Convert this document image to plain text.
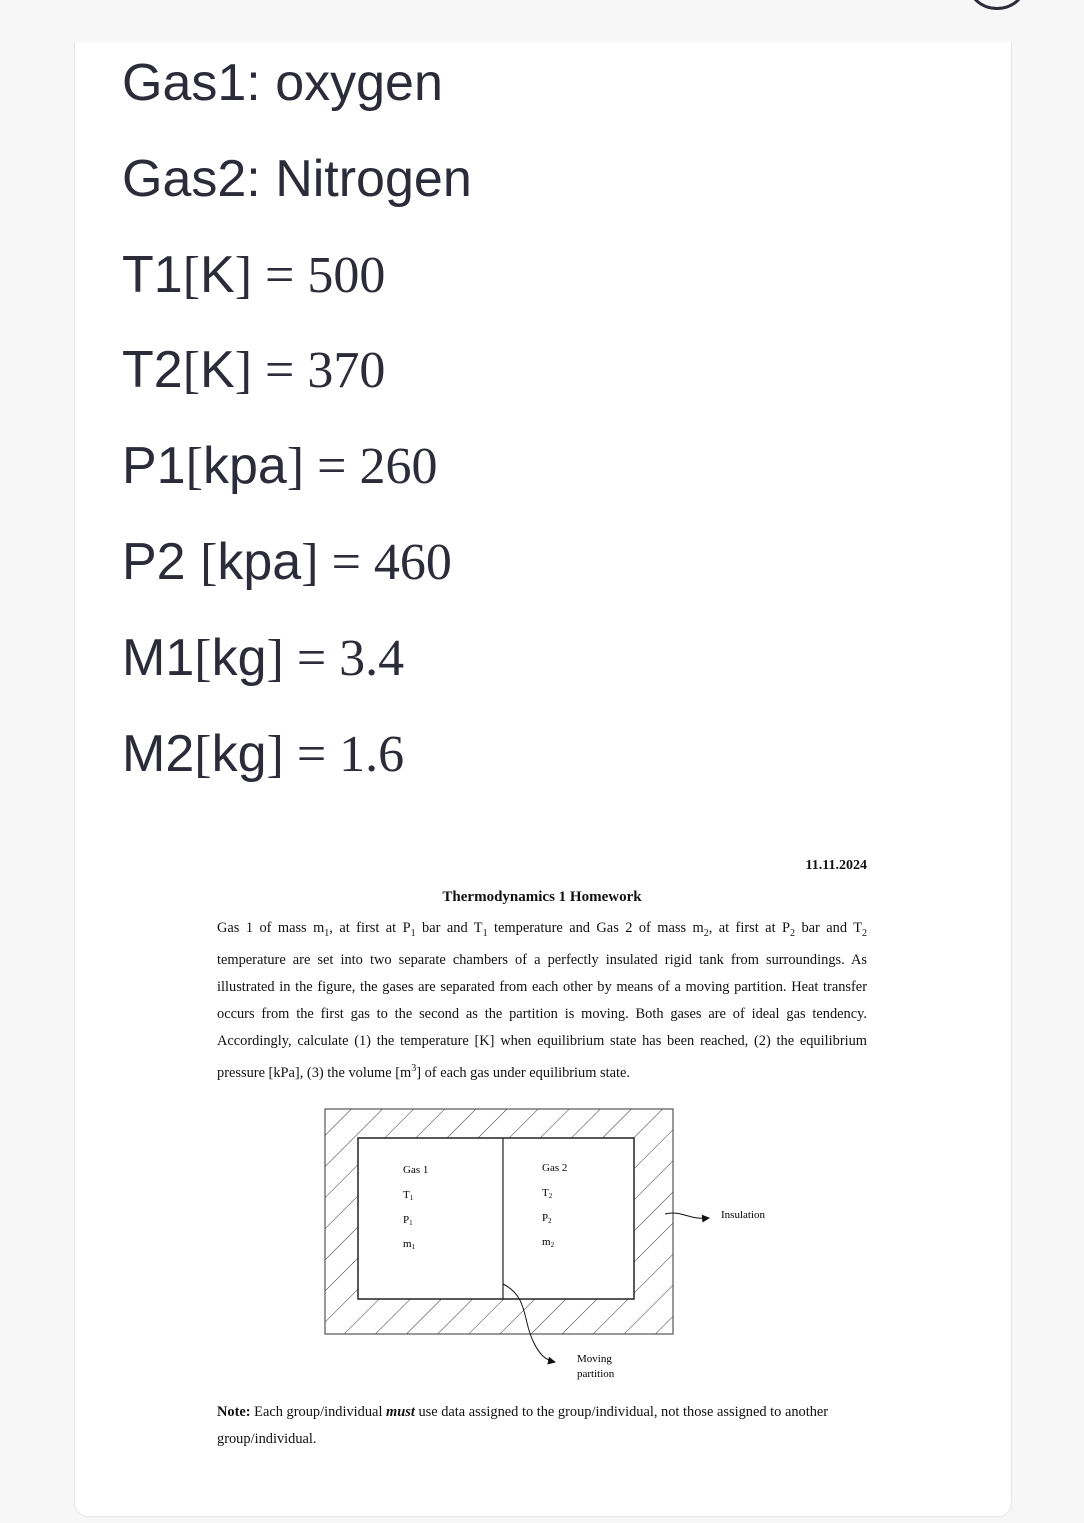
Gas1: oxygen
Gas2: Nitrogen
T1[K] = 500
T2[K] = 370
P1[kpa] = 260
P2 [kpa] = 460
M1[kg] = 3.4
M2[kg] = 1.6
11.11.2024
Thermodynamics 1 Homework
Gas 1 of mass $m_1$, at first at $P_1$ bar and $T_1$ temperature and Gas 2 of mass $m_2$, at first at $P_2$ bar and $T_2$ temperature are set into two separate chambers of a perfectly insulated rigid tank from surroundings. As illustrated in the figure, the gases are separated from each other by means of a moving partition. Heat transfer occurs from the first gas to the second as the partition is moving. Both gases are of ideal gas tendency. Accordingly, calculate (1) the temperature [K] when equilibrium state has been reached, (2) the equilibrium pressure [kPa], (3) the volume $[m^3]$ of each gas under equilibrium state.
Note: Each group/individual must use data assigned to the group/individual, not those assigned to another group/individual.
Gas 1
T1
P1
m1
Gas 2
T2
P2
m2
Insulation
Moving
partition
